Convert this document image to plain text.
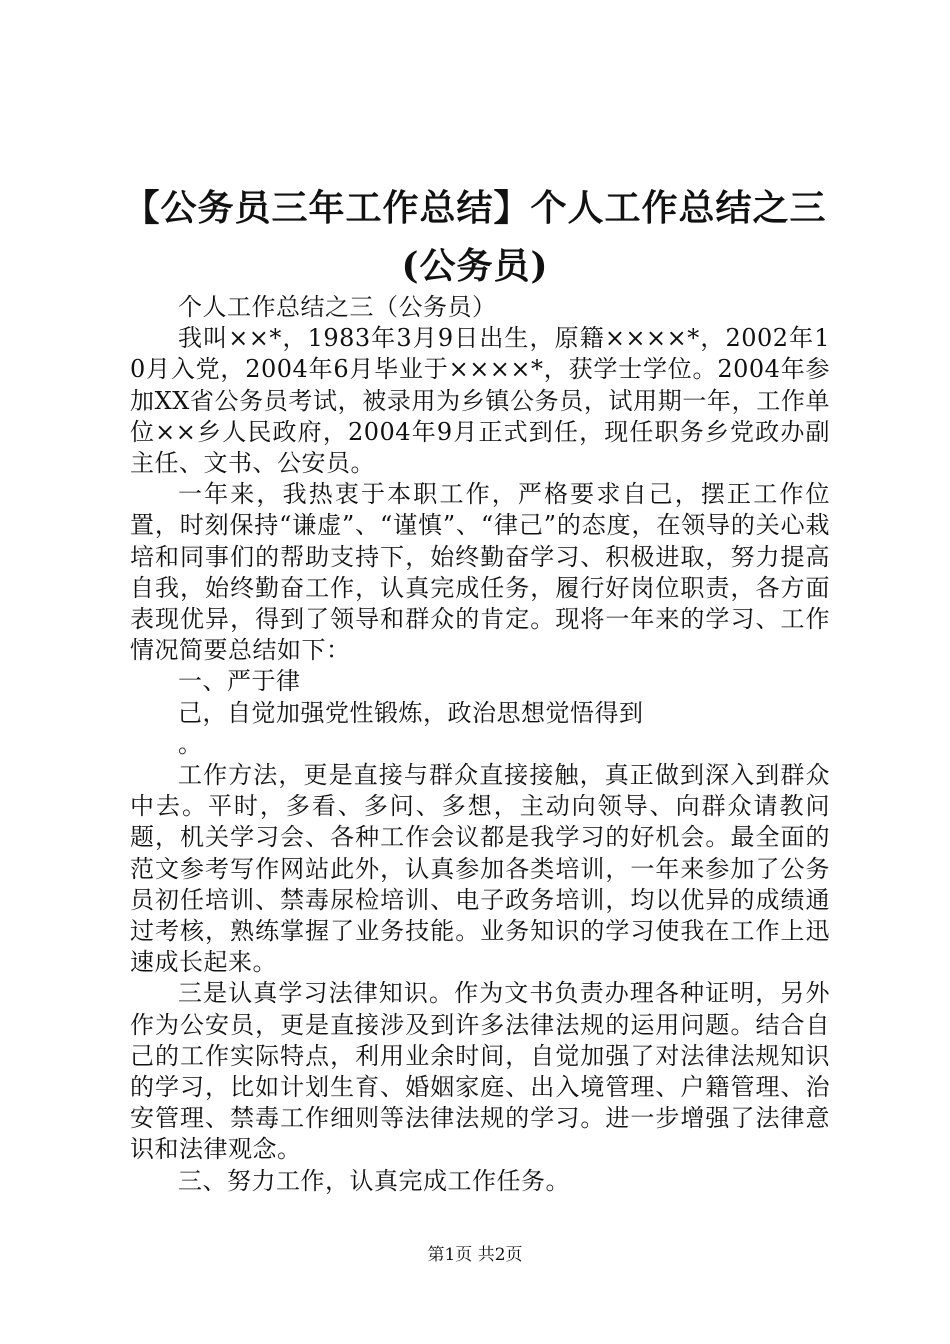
【公务员三年工作总结】个人工作总结之三
(公务员)

个人工作总结之三（公务员）

我叫××*，1983年3月9日出生，原籍××××*，2002年10月入党，2004年6月毕业于××××*，获学士学位。2004年参加XX省公务员考试，被录用为乡镇公务员，试用期一年，工作单位××乡人民政府，2004年9月正式到任，现任职务乡党政办副主任、文书、公安员。

一年来，我热衷于本职工作，严格要求自己，摆正工作位置，时刻保持“谦虚”、“谨慎”、“律己”的态度，在领导的关心栽培和同事们的帮助支持下，始终勤奋学习、积极进取，努力提高自我，始终勤奋工作，认真完成任务，履行好岗位职责，各方面表现优异，得到了领导和群众的肯定。现将一年来的学习、工作情况简要总结如下：

一、严于律

己，自觉加强党性锻炼，政治思想觉悟得到

。

工作方法，更是直接与群众直接接触，真正做到深入到群众中去。平时，多看、多问、多想，主动向领导、向群众请教问题，机关学习会、各种工作会议都是我学习的好机会。最全面的范文参考写作网站此外，认真参加各类培训，一年来参加了公务员初任培训、禁毒尿检培训、电子政务培训，均以优异的成绩通过考核，熟练掌握了业务技能。业务知识的学习使我在工作上迅速成长起来。

三是认真学习法律知识。作为文书负责办理各种证明，另外作为公安员，更是直接涉及到许多法律法规的运用问题。结合自己的工作实际特点，利用业余时间，自觉加强了对法律法规知识的学习，比如计划生育、婚姻家庭、出入境管理、户籍管理、治安管理、禁毒工作细则等法律法规的学习。进一步增强了法律意识和法律观念。

三、努力工作，认真完成工作任务。

第1页 共2页
